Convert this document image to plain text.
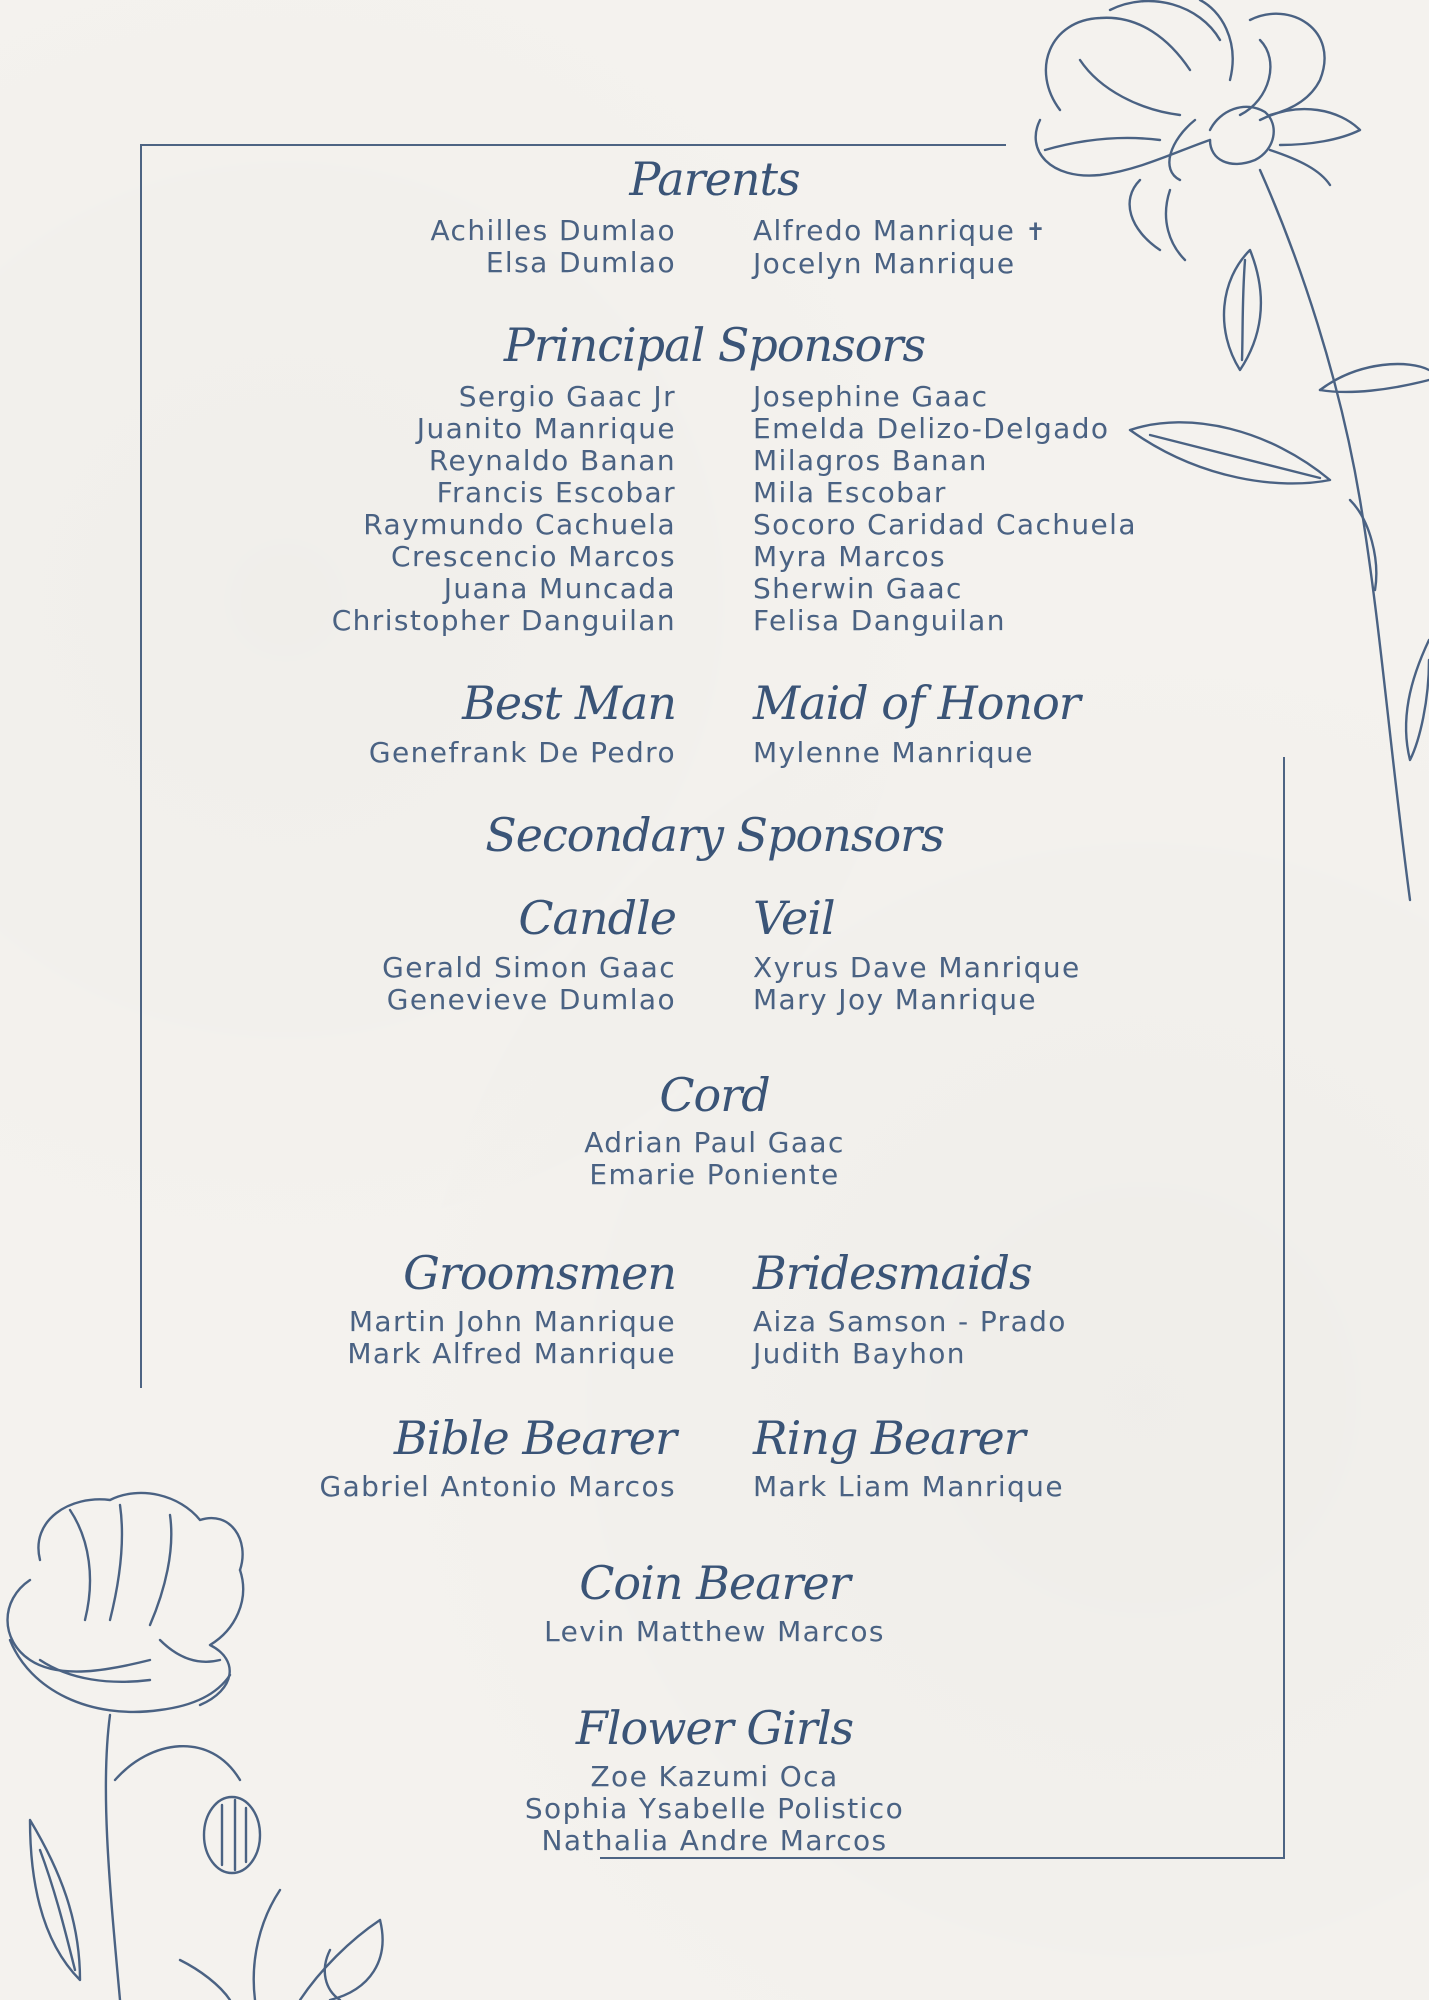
Parents
Achilles Dumlao
Elsa Dumlao
Alfredo Manrique ✝
Jocelyn Manrique
Principal Sponsors
Sergio Gaac Jr
Juanito Manrique
Reynaldo Banan
Francis Escobar
Raymundo Cachuela
Crescencio Marcos
Juana Muncada
Christopher Danguilan
Josephine Gaac
Emelda Delizo-Delgado
Milagros Banan
Mila Escobar
Socoro Caridad Cachuela
Myra Marcos
Sherwin Gaac
Felisa Danguilan
Best Man Maid of Honor
Genefrank De Pedro	Mylenne Manrique
Secondary Sponsors
Candle Veil
Gerald Simon Gaac
Genevieve Dumlao
Xyrus Dave Manrique
Mary Joy Manrique
Cord
Adrian Paul Gaac
Emarie Poniente
Groomsmen Bridesmaids
Martin John Manrique
Mark Alfred Manrique
Aiza Samson - Prado
Judith Bayhon
Bible Bearer Ring Bearer
Gabriel Antonio Marcos	Mark Liam Manrique
Coin Bearer
Levin Matthew Marcos
Flower Girls
Zoe Kazumi Oca
Sophia Ysabelle Polistico
Nathalia Andre Marcos
